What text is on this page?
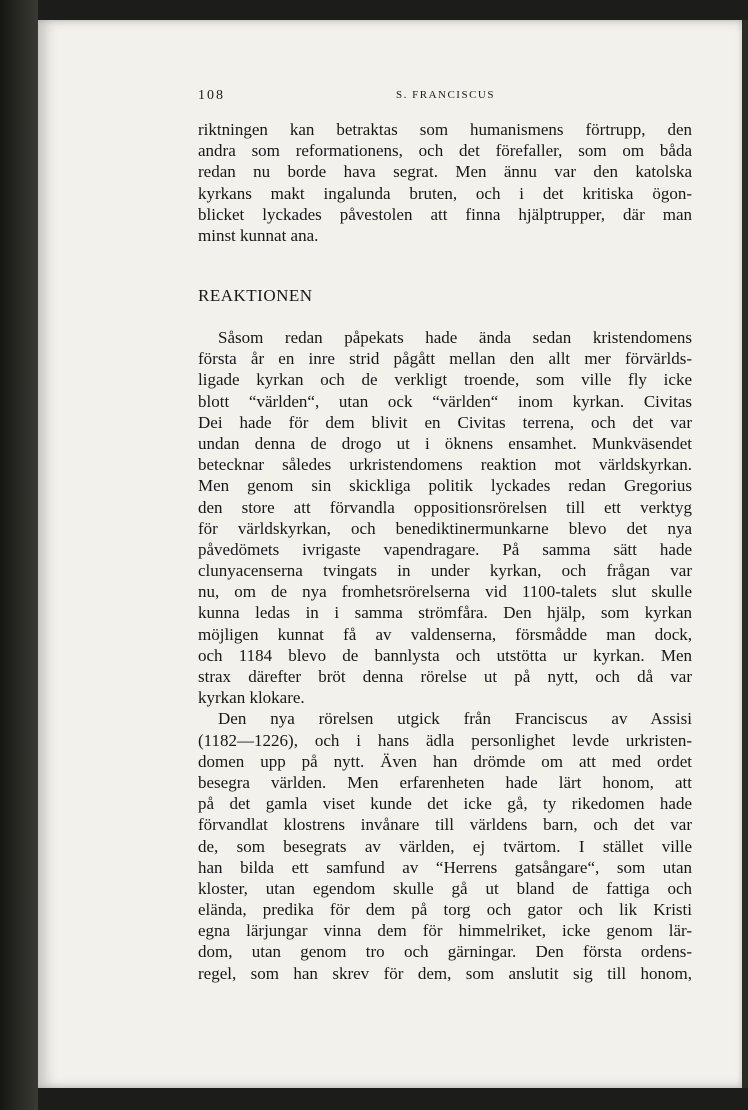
108	S. FRANCISCUS
riktningen kan betraktas som humanismens förtrupp, den
andra som reformationens, och det förefaller, som om båda
redan nu borde hava segrat. Men ännu var den katolska
kyrkans makt ingalunda bruten, och i det kritiska ögon-
blicket lyckades påvestolen att finna hjälptrupper, där man
minst kunnat ana.
REAKTIONEN
Såsom redan påpekats hade ända sedan kristendomens
första år en inre strid pågått mellan den allt mer förvärlds-
ligade kyrkan och de verkligt troende, som ville fly icke
blott “världen“, utan ock “världen“ inom kyrkan. Civitas
Dei hade för dem blivit en Civitas terrena, och det var
undan denna de drogo ut i öknens ensamhet. Munkväsendet
betecknar således urkristendomens reaktion mot världskyrkan.
Men genom sin skickliga politik lyckades redan Gregorius
den store att förvandla oppositionsrörelsen till ett verktyg
för världskyrkan, och benediktinermunkarne blevo det nya
påvedömets ivrigaste vapendragare. På samma sätt hade
clunyacenserna tvingats in under kyrkan, och frågan var
nu, om de nya fromhetsrörelserna vid 1100-talets slut skulle
kunna ledas in i samma strömfåra. Den hjälp, som kyrkan
möjligen kunnat få av valdenserna, försmådde man dock,
och 1184 blevo de bannlysta och utstötta ur kyrkan. Men
strax därefter bröt denna rörelse ut på nytt, och då var
kyrkan klokare.
Den nya rörelsen utgick från Franciscus av Assisi
(1182—1226), och i hans ädla personlighet levde urkristen-
domen upp på nytt. Även han drömde om att med ordet
besegra världen. Men erfarenheten hade lärt honom, att
på det gamla viset kunde det icke gå, ty rikedomen hade
förvandlat klostrens invånare till världens barn, och det var
de, som besegrats av världen, ej tvärtom. I stället ville
han bilda ett samfund av “Herrens gatsångare“, som utan
kloster, utan egendom skulle gå ut bland de fattiga och
elända, predika för dem på torg och gator och lik Kristi
egna lärjungar vinna dem för himmelriket, icke genom lär-
dom, utan genom tro och gärningar. Den första ordens-
regel, som han skrev för dem, som anslutit sig till honom,
